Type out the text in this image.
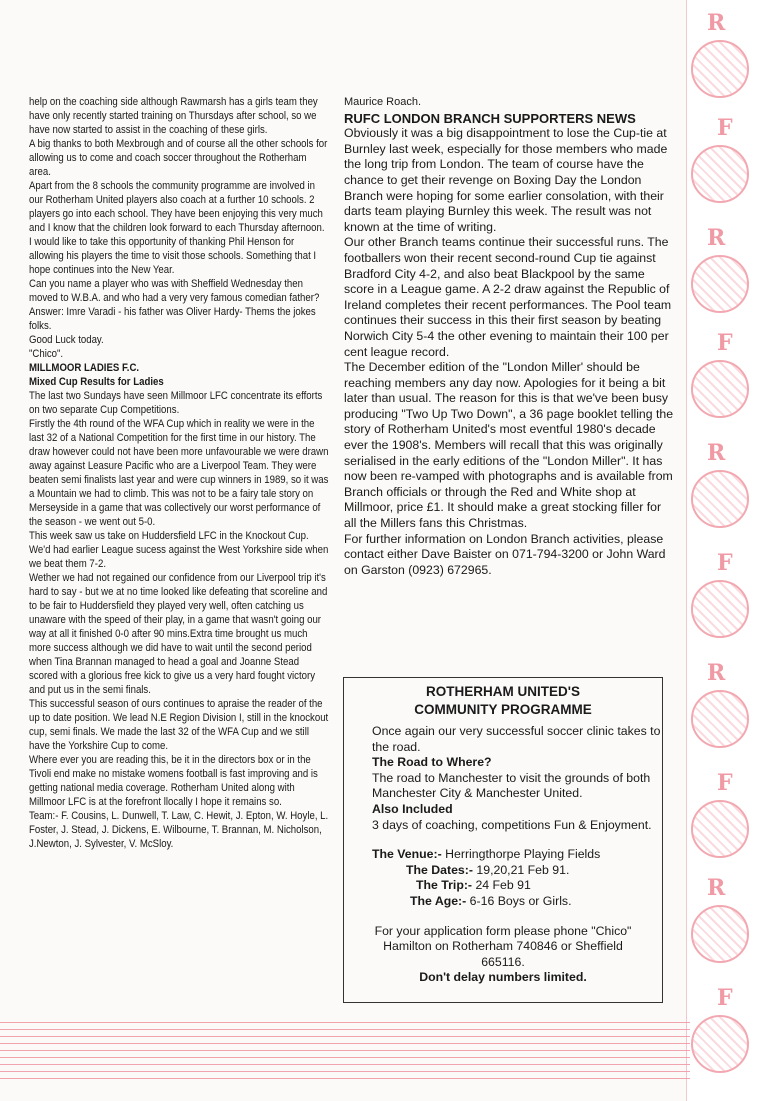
R
F
R
F
R
F
R
F
R
F

help on the coaching side although Rawmarsh has a girls team they have only recently started training on Thursdays after school, so we have now started to assist in the coaching of these girls.

A big thanks to both Mexbrough and of course all the other schools for allowing us to come and coach soccer throughout the Rotherham area.

Apart from the 8 schools the community programme are involved in our Rotherham United players also coach at a further 10 schools. 2 players go into each school. They have been enjoying this very much and I know that the children look forward to each Thursday afternoon.

I would like to take this opportunity of thanking Phil Henson for allowing his players the time to visit those schools. Something that I hope continues into the New Year.

Can you name a player who was with Sheffield Wednesday then moved to W.B.A. and who had a very very famous comedian father?

Answer: Imre Varadi - his father was Oliver Hardy- Thems the jokes folks.

Good Luck today.

"Chico".

MILLMOOR LADIES F.C.

Mixed Cup Results for Ladies

The last two Sundays have seen Millmoor LFC concentrate its efforts on two separate Cup Competitions.

Firstly the 4th round of the WFA Cup which in reality we were in the last 32 of a National Competition for the first time in our history. The draw however could not have been more unfavourable we were drawn away against Leasure Pacific who are a Liverpool Team. They were beaten semi finalists last year and were cup winners in 1989, so it was a Mountain we had to climb. This was not to be a fairy tale story on Merseyside in a game that was collectively our worst performance of the season - we went out 5-0.

This week saw us take on Huddersfield LFC in the Knockout Cup. We'd had earlier League sucess against the West Yorkshire side when we beat them 7-2.

Wether we had not regained our confidence from our Liverpool trip it's hard to say - but we at no time looked like defeating that scoreline and to be fair to Huddersfield they played very well, often catching us unaware with the speed of their play, in a game that wasn't going our way at all it finished 0-0 after 90 mins.Extra time brought us much more success although we did have to wait until the second period when Tina Brannan managed to head a goal and Joanne Stead scored with a glorious free kick to give us a very hard fought victory and put us in the semi finals.

This successful season of ours continues to apraise the reader of the up to date position. We lead N.E Region Division I, still in the knockout cup, semi finals. We made the last 32 of the WFA Cup and we still have the Yorkshire Cup to come.

Where ever you are reading this, be it in the directors box or in the Tivoli end make no mistake womens football is fast improving and is getting national media coverage. Rotherham United along with Millmoor LFC is at the forefront llocally I hope it remains so.

Team:- F. Cousins, L. Dunwell, T. Law, C. Hewit, J. Epton, W. Hoyle, L. Foster, J. Stead, J. Dickens, E. Wilbourne, T. Brannan, M. Nicholson, J.Newton, J. Sylvester, V. McSloy.

Maurice Roach.

RUFC LONDON BRANCH SUPPORTERS NEWS

Obviously it was a big disappointment to lose the Cup-tie at Burnley last week, especially for those members who made the long trip from London. The team of course have the chance to get their revenge on Boxing Day the London Branch were hoping for some earlier consolation, with their darts team playing Burnley this week. The result was not known at the time of writing.

Our other Branch teams continue their successful runs. The footballers won their recent second-round Cup tie against Bradford City 4-2, and also beat Blackpool by the same score in a League game. A 2-2 draw against the Republic of Ireland completes their recent performances. The Pool team continues their success in this their first season by beating Norwich City 5-4 the other evening to maintain their 100 per cent league record.

The December edition of the "London Miller' should be reaching members any day now. Apologies for it being a bit later than usual. The reason for this is that we've been busy producing "Two Up Two Down", a 36 page booklet telling the story of Rotherham United's most eventful 1980's decade ever the 1908's. Members will recall that this was originally serialised in the early editions of the "London Miller". It has now been re-vamped with photographs and is available from Branch officials or through the Red and White shop at Millmoor, price £1. It should make a great stocking filler for all the Millers fans this Christmas.

For further information on London Branch activities, please contact either Dave Baister on 071-794-3200 or John Ward on Garston (0923) 672965.

ROTHERHAM UNITED'S
COMMUNITY PROGRAMME

Once again our very successful soccer clinic takes to the road.

The Road to Where?

The road to Manchester to visit the grounds of both Manchester City & Manchester United.

Also Included

3 days of coaching, competitions Fun & Enjoyment.

The Venue:- Herringthorpe Playing Fields

The Dates:- 19,20,21 Feb 91.

The Trip:- 24 Feb 91

The Age:- 6-16 Boys or Girls.

For your application form please phone "Chico" Hamilton on Rotherham 740846 or Sheffield 665116.

Don't delay numbers limited.
